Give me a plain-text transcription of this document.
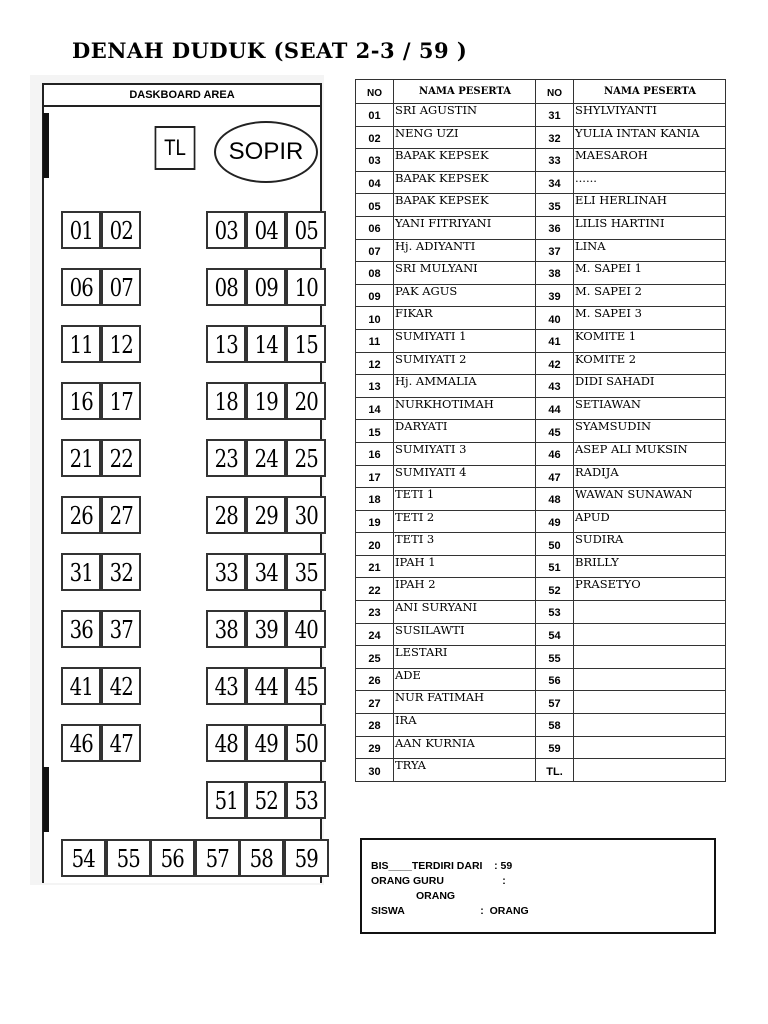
DENAH DUDUK (SEAT 2-3 / 59 )
DASKBOARD AREA
TL	SOPIR
01 02	03 04 05
06 07	08 09 10
11 12	13 14 15
16 17	18 19 20
21 22	23 24 25
26 27	28 29 30
31 32	33 34 35
36 37	38 39 40
41 42	43 44 45
46 47	48 49 50
51 52 53
54 55 56 57 58 59
NO	NAMA PESERTA	NO	NAMA PESERTA
01	SRI AGUSTIN	31	SHYLVIYANTI
02	NENG UZI	32	YULIA INTAN KANIA
03	BAPAK KEPSEK	33	MAESAROH
04	BAPAK KEPSEK	34	......
05	BAPAK KEPSEK	35	ELI HERLINAH
06	YANI FITRIYANI	36	LILIS HARTINI
07	Hj. ADIYANTI	37	LINA
08	SRI MULYANI	38	M. SAPEI 1
09	PAK AGUS	39	M. SAPEI 2
10	FIKAR	40	M. SAPEI 3
11	SUMIYATI 1	41	KOMITE 1
12	SUMIYATI 2	42	KOMITE 2
13	Hj. AMMALIA	43	DIDI SAHADI
14	NURKHOTIMAH	44	SETIAWAN
15	DARYATI	45	SYAMSUDIN
16	SUMIYATI 3	46	ASEP ALI MUKSIN
17	SUMIYATI 4	47	RADIJA
18	TETI 1	48	WAWAN SUNAWAN
19	TETI 2	49	APUD
20	TETI 3	50	SUDIRA
21	IPAH 1	51	BRILLY
22	IPAH 2	52	PRASETYO
23	ANI SURYANI	53	
24	SUSILAWTI	54	
25	LESTARI	55	
26	ADE	56	
27	NUR FATIMAH	57	
28	IRA	58	
29	AAN KURNIA	59	
30	TRYA	TL.	
BIS____TERDIRI DARI    : 59
ORANG GURU                    :
ORANG
SISWA                          :  ORANG
